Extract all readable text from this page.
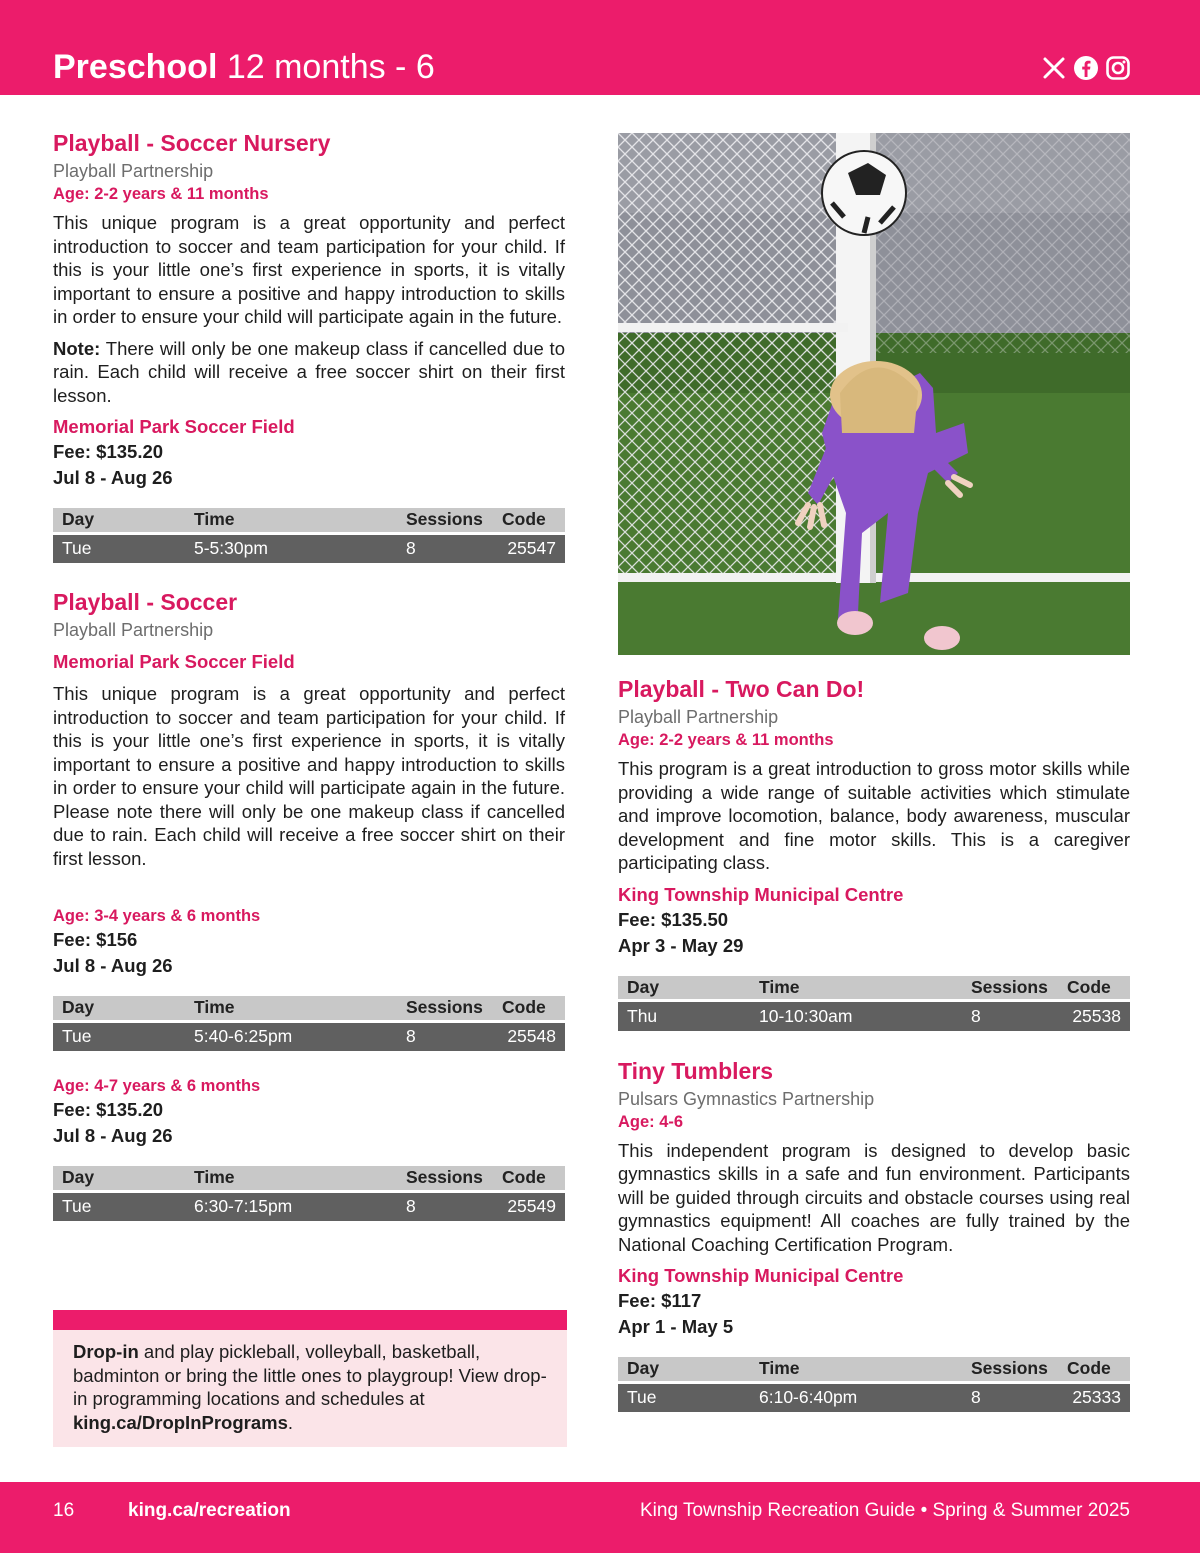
Preschool 12 months - 6
Playball - Soccer Nursery
Playball Partnership
Age: 2-2 years & 11 months

This unique program is a great opportunity and perfect introduction to soccer and team participation for your child. If this is your little one’s first experience in sports, it is vitally important to ensure a positive and happy introduction to skills in order to ensure your child will participate again in the future.

Note: There will only be one makeup class if cancelled due to rain. Each child will receive a free soccer shirt on their first lesson.

Memorial Park Soccer Field
Fee: $135.20
Jul 8 - Aug 26
Day	Time	Sessions	Code
Tue	5-5:30pm	8	25547
Playball - Soccer
Playball Partnership
Memorial Park Soccer Field

This unique program is a great opportunity and perfect introduction to soccer and team participation for your child. If this is your little one’s first experience in sports, it is vitally important to ensure a positive and happy introduction to skills in order to ensure your child will participate again in the future. Please note there will only be one makeup class if cancelled due to rain. Each child will receive a free soccer shirt on their first lesson.

Age: 3-4 years & 6 months
Fee: $156
Jul 8 - Aug 26
Day	Time	Sessions	Code
Tue	5:40-6:25pm	8	25548
Age: 4-7 years & 6 months
Fee: $135.20
Jul 8 - Aug 26
Day	Time	Sessions	Code
Tue	6:30-7:15pm	8	25549
Playball - Two Can Do!
Playball Partnership
Age: 2-2 years & 11 months

This program is a great introduction to gross motor skills while providing a wide range of suitable activities which stimulate and improve locomotion, balance, body awareness, muscular development and fine motor skills. This is a caregiver participating class.

King Township Municipal Centre
Fee: $135.50
Apr 3 - May 29
Day	Time	Sessions	Code
Thu	10-10:30am	8	25538
Tiny Tumblers
Pulsars Gymnastics Partnership
Age: 4-6

This independent program is designed to develop basic gymnastics skills in a safe and fun environment. Participants will be guided through circuits and obstacle courses using real gymnastics equipment! All coaches are fully trained by the National Coaching Certification Program.

King Township Municipal Centre
Fee: $117
Apr 1 - May 5
Day	Time	Sessions	Code
Tue	6:10-6:40pm	8	25333

Drop-in and play pickleball, volleyball, basketball, badminton or bring the little ones to playgroup! View drop-in programming locations and schedules at king.ca/DropInPrograms.

16	king.ca/recreation	King Township Recreation Guide • Spring & Summer 2025
